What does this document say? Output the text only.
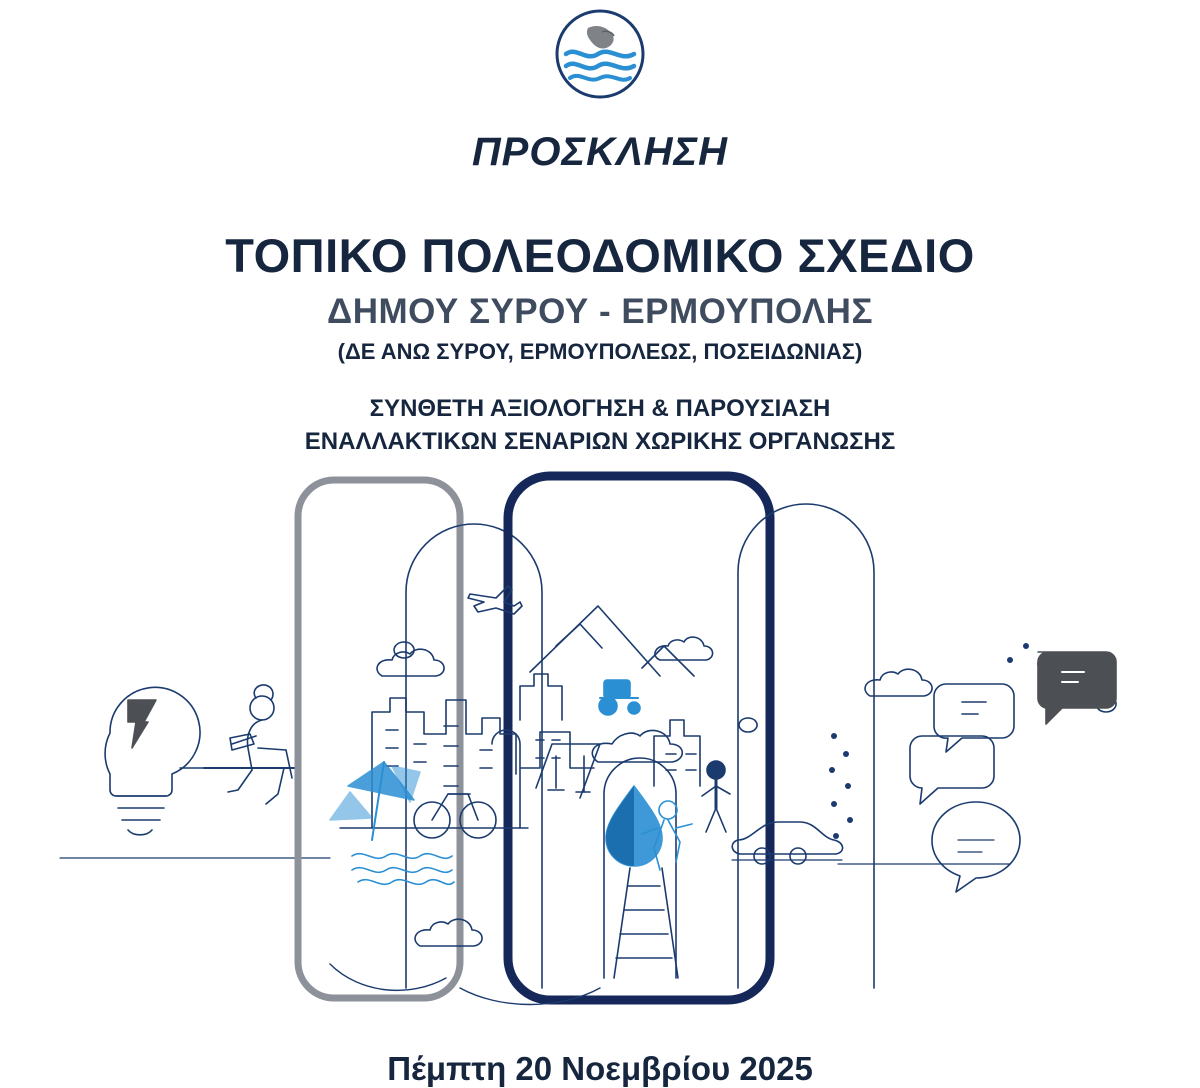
ΠΡΟΣΚΛΗΣΗ
ΤΟΠΙΚΟ ΠΟΛΕΟΔΟΜΙΚΟ ΣΧΕΔΙΟ
ΔΗΜΟΥ ΣΥΡΟΥ - ΕΡΜΟΥΠΟΛΗΣ
(ΔΕ ΑΝΩ ΣΥΡΟΥ, ΕΡΜΟΥΠΟΛΕΩΣ, ΠΟΣΕΙΔΩΝΙΑΣ)
ΣΥΝΘΕΤΗ ΑΞΙΟΛΟΓΗΣΗ & ΠΑΡΟΥΣΙΑΣΗ
ΕΝΑΛΛΑΚΤΙΚΩΝ ΣΕΝΑΡΙΩΝ ΧΩΡΙΚΗΣ ΟΡΓΑΝΩΣΗΣ
Πέμπτη 20 Νοεμβρίου 2025
